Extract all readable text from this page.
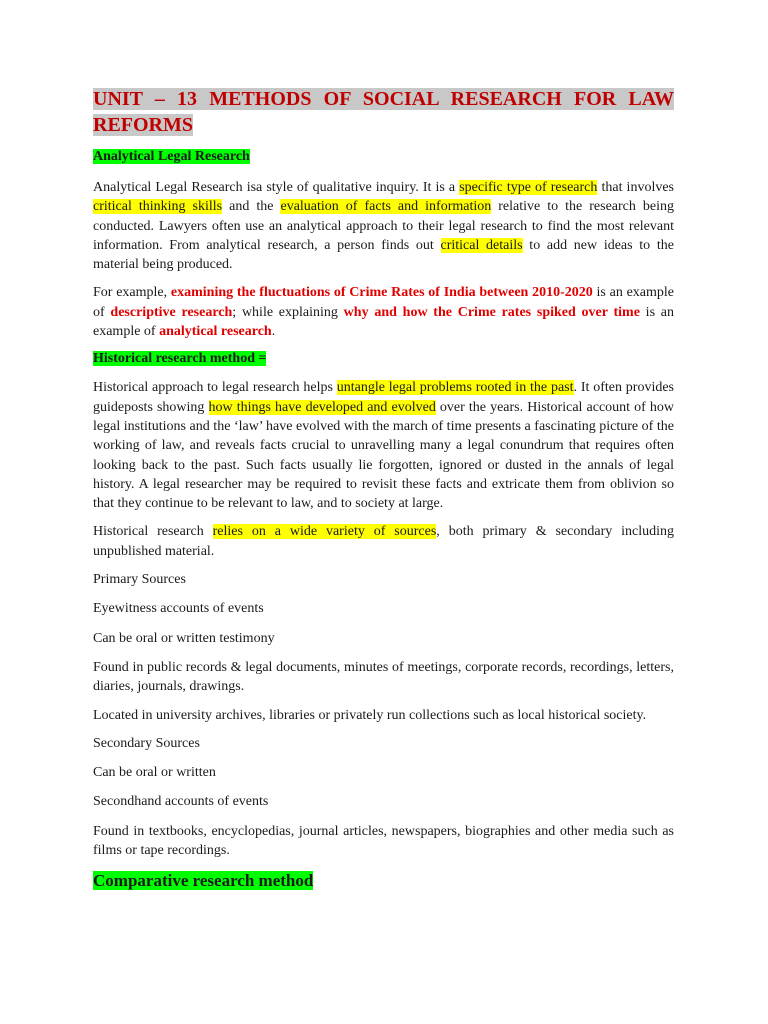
UNIT – 13 METHODS OF SOCIAL RESEARCH FOR LAW
REFORMS
Analytical Legal Research

Analytical Legal Research isa style of qualitative inquiry. It is a specific type of research that involves critical thinking skills and the evaluation of facts and information relative to the research being conducted. Lawyers often use an analytical approach to their legal research to find the most relevant information. From analytical research, a person finds out critical details to add new ideas to the material being produced.

For example, examining the fluctuations of Crime Rates of India between 2010-2020 is an example of descriptive research; while explaining why and how the Crime rates spiked over time is an example of analytical research.

Historical research method =

Historical approach to legal research helps untangle legal problems rooted in the past. It often provides guideposts showing how things have developed and evolved over the years. Historical account of how legal institutions and the ‘law’ have evolved with the march of time presents a fascinating picture of the working of law, and reveals facts crucial to unravelling many a legal conundrum that requires often looking back to the past. Such facts usually lie forgotten, ignored or dusted in the annals of legal history. A legal researcher may be required to revisit these facts and extricate them from oblivion so that they continue to be relevant to law, and to society at large.

Historical research relies on a wide variety of sources, both primary & secondary including unpublished material.

Primary Sources

Eyewitness accounts of events

Can be oral or written testimony

Found in public records & legal documents, minutes of meetings, corporate records, recordings, letters, diaries, journals, drawings.

Located in university archives, libraries or privately run collections such as local historical society.

Secondary Sources

Can be oral or written

Secondhand accounts of events

Found in textbooks, encyclopedias, journal articles, newspapers, biographies and other media such as films or tape recordings.

Comparative research method
